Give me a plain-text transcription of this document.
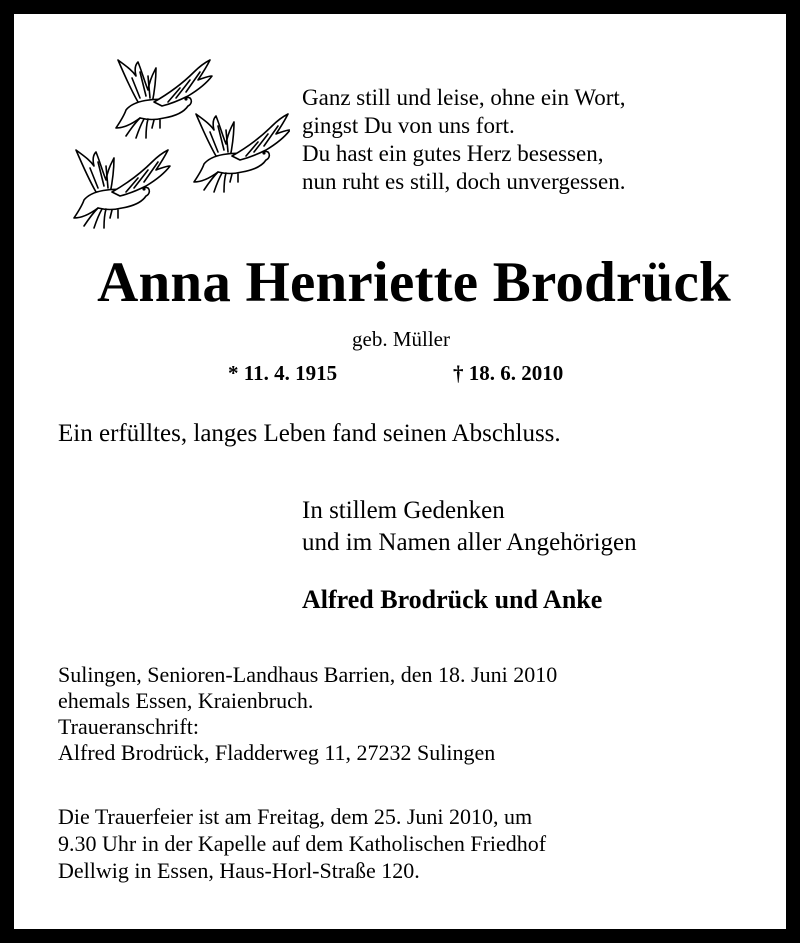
Ganz still und leise, ohne ein Wort,
gingst Du von uns fort.
Du hast ein gutes Herz besessen,
nun ruht es still, doch unvergessen.
Anna Henriette Brodrück
geb. Müller
* 11. 4. 1915	† 18. 6. 2010
Ein erfülltes, langes Leben fand seinen Abschluss.
In stillem Gedenken
und im Namen aller Angehörigen
Alfred Brodrück und Anke
Sulingen, Senioren-Landhaus Barrien, den 18. Juni 2010
ehemals Essen, Kraienbruch.
Traueranschrift:
Alfred Brodrück, Fladderweg 11, 27232 Sulingen
Die Trauerfeier ist am Freitag, dem 25. Juni 2010, um
9.30 Uhr in der Kapelle auf dem Katholischen Friedhof
Dellwig in Essen, Haus-Horl-Straße 120.
